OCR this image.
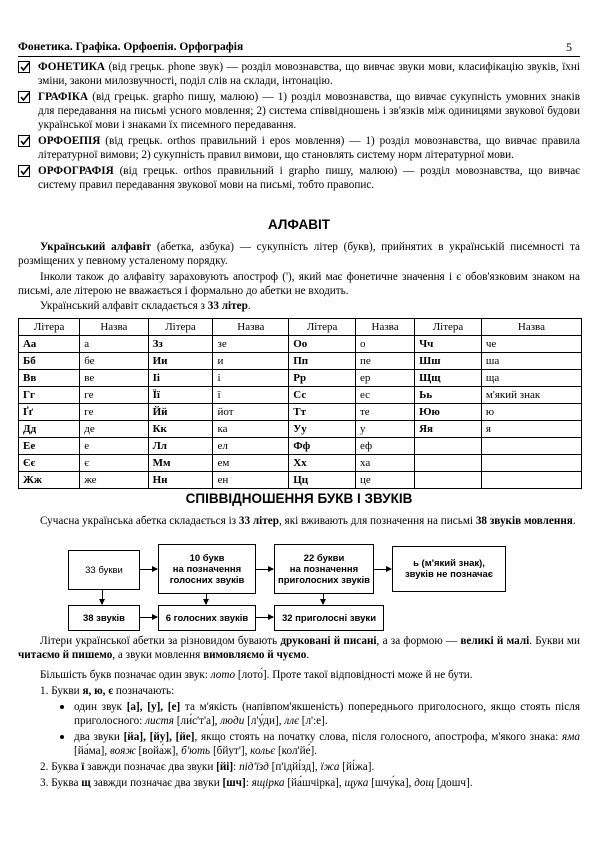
Фонетика. Графіка. Орфоепія. Орфографія	5
ФОНЕТИКА (від грецьк. phone звук) — розділ мовознавства, що вивчає звуки мови, класифікацію звуків, їхні зміни, закони милозвучності, поділ слів на склади, інтонацію.
ГРАФІКА (від грецьк. grapho пишу, малюю) — 1) розділ мовознавства, що вивчає сукупність умовних знаків для передавання на письмі усного мовлення; 2) система співвідношень і зв'язків між одиницями звукової будови української мови і знаками їх писемного передавання.
ОРФОЕПІЯ (від грецьк. orthos правильний і epos мовлення) — 1) розділ мовознавства, що вивчає правила літературної вимови; 2) сукупність правил вимови, що становлять систему норм літературної мови.
ОРФОГРАФІЯ (від грецьк. orthos правильний і grapho пишу, малюю) — розділ мовознавства, що вивчає систему правил передавання звукової мови на письмі, тобто правопис.
АЛФАВІТ
Український алфавіт (абетка, азбука) — сукупність літер (букв), прийнятих в українській писемності та розміщених у певному усталеному порядку.
Інколи також до алфавіту зараховують апостроф ('), який має фонетичне значення і є обов'язковим знаком на письмі, але літерою не вважається і формально до абетки не входить.
Український алфавіт складається з 33 літер.
Літера	Назва	Літера	Назва	Літера	Назва	Літера	Назва
Аа	а	Зз	зе	Оо	о	Чч	че
Бб	бе	Ии	и	Пп	пе	Шш	ша
Вв	ве	Іі	і	Рр	ер	Щщ	ща
Гг	ге	Її	ї	Сс	ес	Ьь	м'який знак
Ґґ	ге	Йй	йот	Тт	те	Юю	ю
Дд	де	Кк	ка	Уу	у	Яя	я
Ее	е	Лл	ел	Фф	еф		
Єє	є	Мм	ем	Хх	ха		
Жж	же	Нн	ен	Цц	це		
СПІВВІДНОШЕННЯ БУКВ І ЗВУКІВ
Сучасна українська абетка складається із 33 літер, які вживають для позначення на письмі 38 звуків мовлення.
33 букви
10 букв
на позначення
голосних звуків
22 букви
на позначення
приголосних звуків
ь (м'який знак),
звуків не позначає
38 звуків	6 голосних звуків	32 приголосні звуки
Літери української абетки за різновидом бувають друковані й писані, а за формою — великі й малі. Букви ми читаємо й пишемо, а звуки мовлення вимовляємо й чуємо.
Більшість букв позначає один звук: лото [лото́]. Проте такої відповідності може й не бути.
1. Букви я, ю, є позначають:
один звук [а], [у], [е] та м'якість (напівпом'якшеність) попереднього приголосного, якщо стоять після приголосного: листя [ли́с'т'а], люди [л'у́ди], ллє [л':е].
два звуки [йа], [йу], [йе], якщо стоять на початку слова, після голосного, апострофа, м'якого знака: яма [йа́ма], вояж [войа́ж], б'ють [бйут'], кольє [кол'йе́].
2. Буква ї завжди позначає два звуки [йі]: під'їзд [п'ідйі́зд], їжа [йі́жа].
3. Буква щ завжди позначає два звуки [шч]: ящірка [йа́шчірка], щука [шчу́ка], дощ [дошч].
